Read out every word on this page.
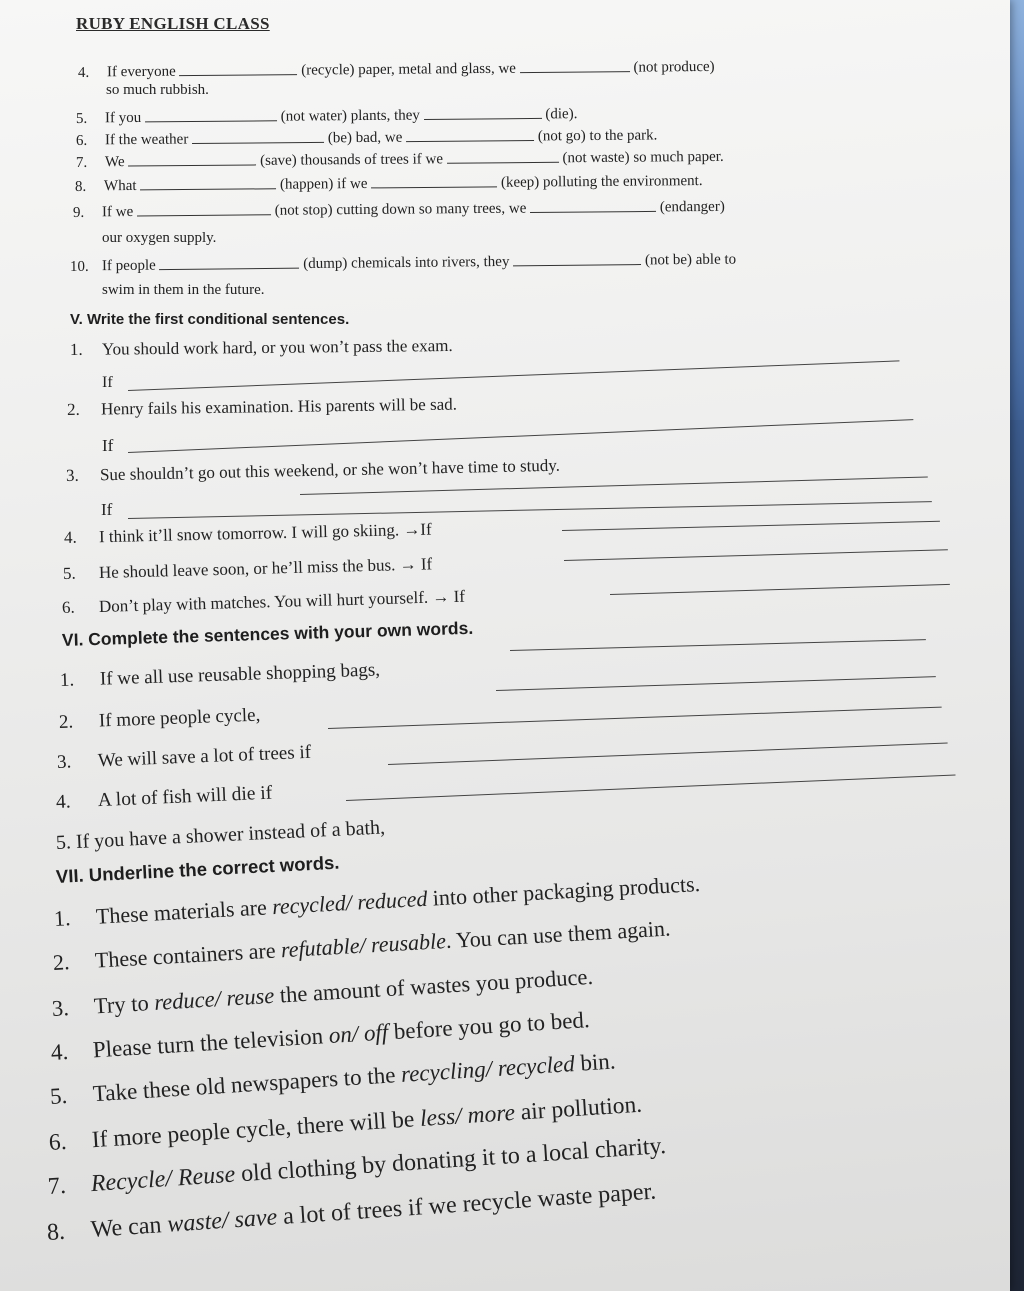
RUBY ENGLISH CLASS
4. If everyone	(recycle) paper, metal and glass, we	(not produce)
so much rubbish.
5. If you	(not water) plants, they	(die).
6. If the weather	(be) bad, we	(not go) to the park.
7. We	(save) thousands of trees if we	(not waste) so much paper.
8. What	(happen) if we	(keep) polluting the environment.
9. If we	(not stop) cutting down so many trees, we	(endanger)
our oxygen supply.
10. If people	(dump) chemicals into rivers, they	(not be) able to
swim in them in the future.
V. Write the first conditional sentences.
1. You should work hard, or you won’t pass the exam.
If
2. Henry fails his examination. His parents will be sad.
If
3. Sue shouldn’t go out this weekend, or she won’t have time to study.
If
4. I think it’ll snow tomorrow. I will go skiing. →If
5. He should leave soon, or he’ll miss the bus. → If
6. Don’t play with matches. You will hurt yourself. → If
VI. Complete the sentences with your own words.
1. If we all use reusable shopping bags,
2. If more people cycle,
3. We will save a lot of trees if
4. A lot of fish will die if
5. If you have a shower instead of a bath,
VII. Underline the correct words.
1. These materials are recycled/ reduced into other packaging products.
2. These containers are refutable/ reusable. You can use them again.
3. Try to reduce/ reuse the amount of wastes you produce.
4. Please turn the television on/ off before you go to bed.
5. Take these old newspapers to the recycling/ recycled bin.
6. If more people cycle, there will be less/ more air pollution.
7. Recycle/ Reuse old clothing by donating it to a local charity.
8. We can waste/ save a lot of trees if we recycle waste paper.
